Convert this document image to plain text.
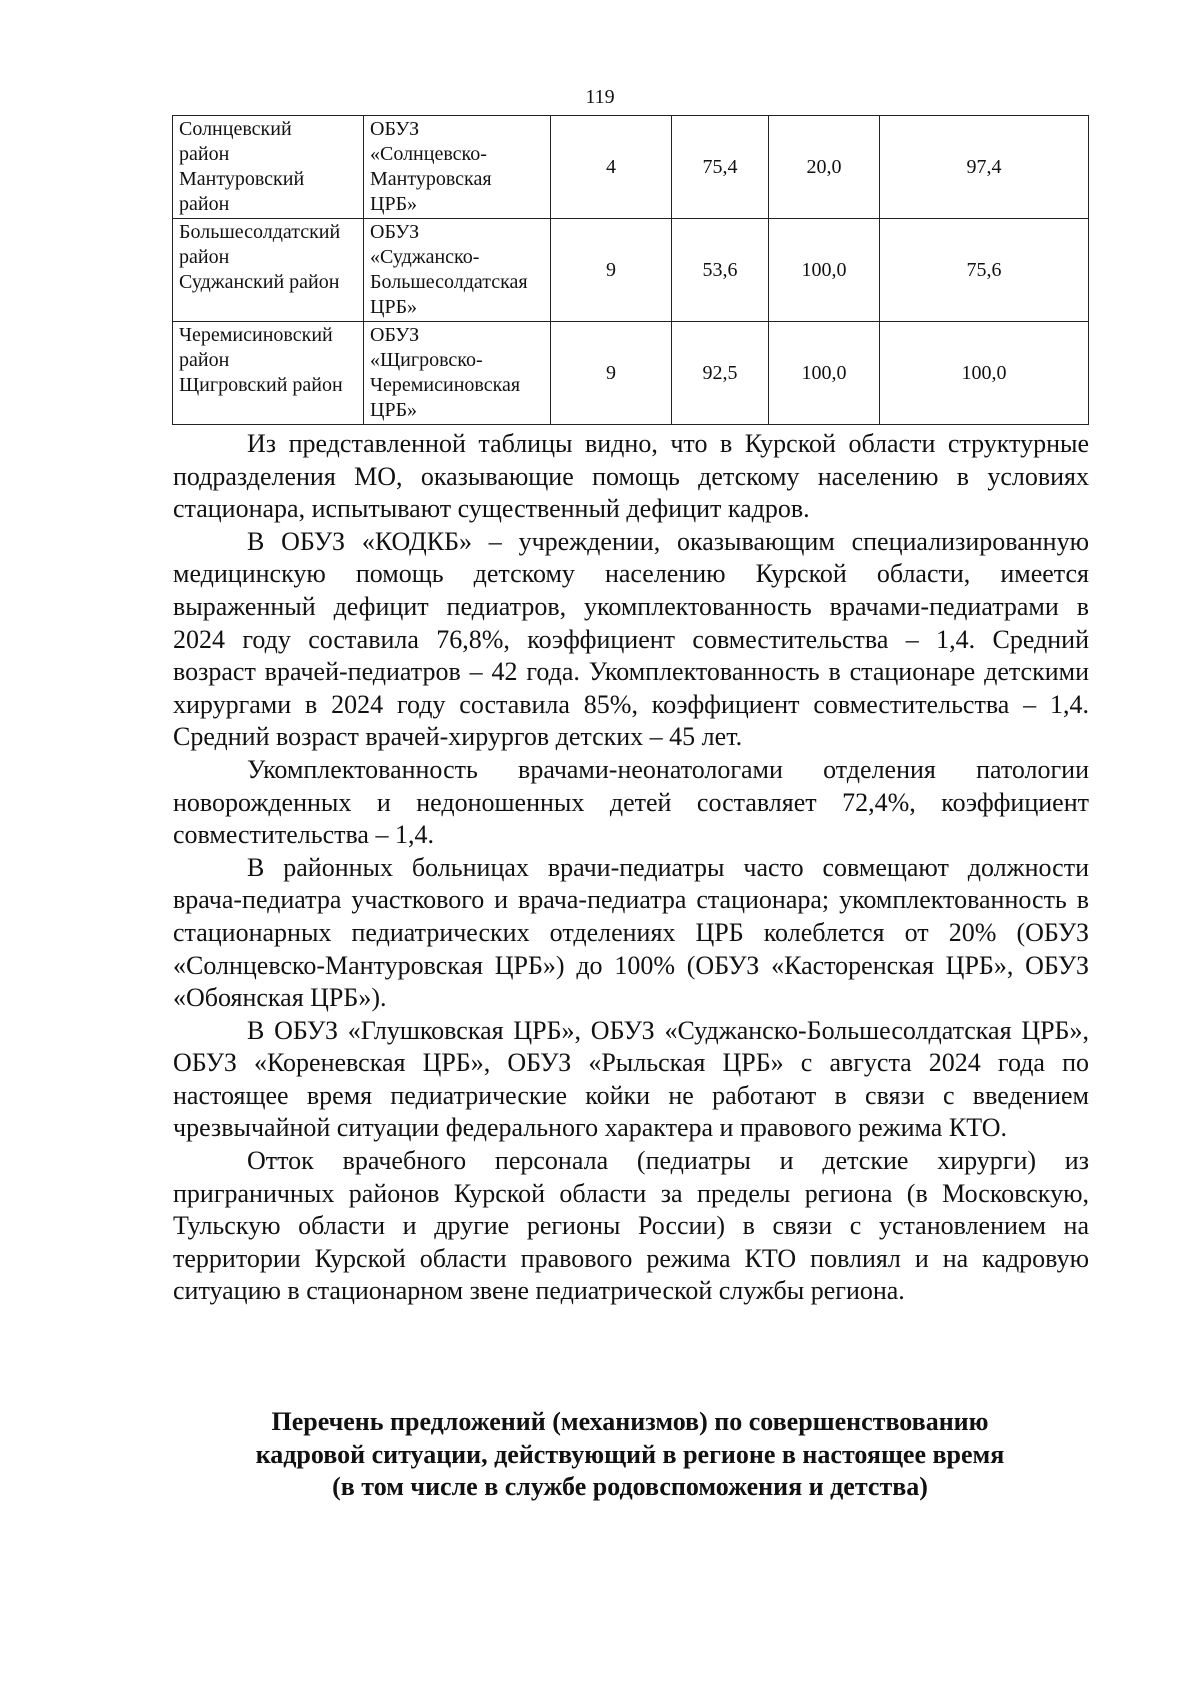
119
Солнцевский
район
Мантуровский
район	ОБУЗ
«Солнцевско-
Мантуровская
ЦРБ»	4	75,4	20,0	97,4
Большесолдатский
район
Суджанский район	ОБУЗ
«Суджанско-
Большесолдатская
ЦРБ»	9	53,6	100,0	75,6
Черемисиновский
район
Щигровский район	ОБУЗ
«Щигровско-
Черемисиновская
ЦРБ»	9	92,5	100,0	100,0

Из представленной таблицы видно, что в Курской области структурные подразделения МО, оказывающие помощь детскому населению в условиях стационара, испытывают существенный дефицит кадров.

В ОБУЗ «КОДКБ» – учреждении, оказывающим специализированную медицинскую помощь детскому населению Курской области, имеется выраженный дефицит педиатров, укомплектованность врачами-педиатрами в 2024 году составила 76,8%, коэффициент совместительства – 1,4. Средний возраст врачей-педиатров – 42 года. Укомплектованность в стационаре детскими хирургами в 2024 году составила 85%, коэффициент совместительства – 1,4. Средний возраст врачей-хирургов детских – 45 лет.

Укомплектованность врачами-неонатологами отделения патологии новорожденных и недоношенных детей составляет 72,4%, коэффициент совместительства – 1,4.

В районных больницах врачи-педиатры часто совмещают должности врача-педиатра участкового и врача-педиатра стационара; укомплектованность в стационарных педиатрических отделениях ЦРБ колеблется от 20% (ОБУЗ «Солнцевско-Мантуровская ЦРБ») до 100% (ОБУЗ «Касторенская ЦРБ», ОБУЗ «Обоянская ЦРБ»).

В ОБУЗ «Глушковская ЦРБ», ОБУЗ «Суджанско-Большесолдатская ЦРБ», ОБУЗ «Кореневская ЦРБ», ОБУЗ «Рыльская ЦРБ» с августа 2024 года по настоящее время педиатрические койки не работают в связи с введением чрезвычайной ситуации федерального характера и правового режима КТО.

Отток врачебного персонала (педиатры и детские хирурги) из приграничных районов Курской области за пределы региона (в Московскую, Тульскую области и другие регионы России) в связи с установлением на территории Курской области правового режима КТО повлиял и на кадровую ситуацию в стационарном звене педиатрической службы региона.

Перечень предложений (механизмов) по совершенствованию
кадровой ситуации, действующий в регионе в настоящее время
(в том числе в службе родовспоможения и детства)
